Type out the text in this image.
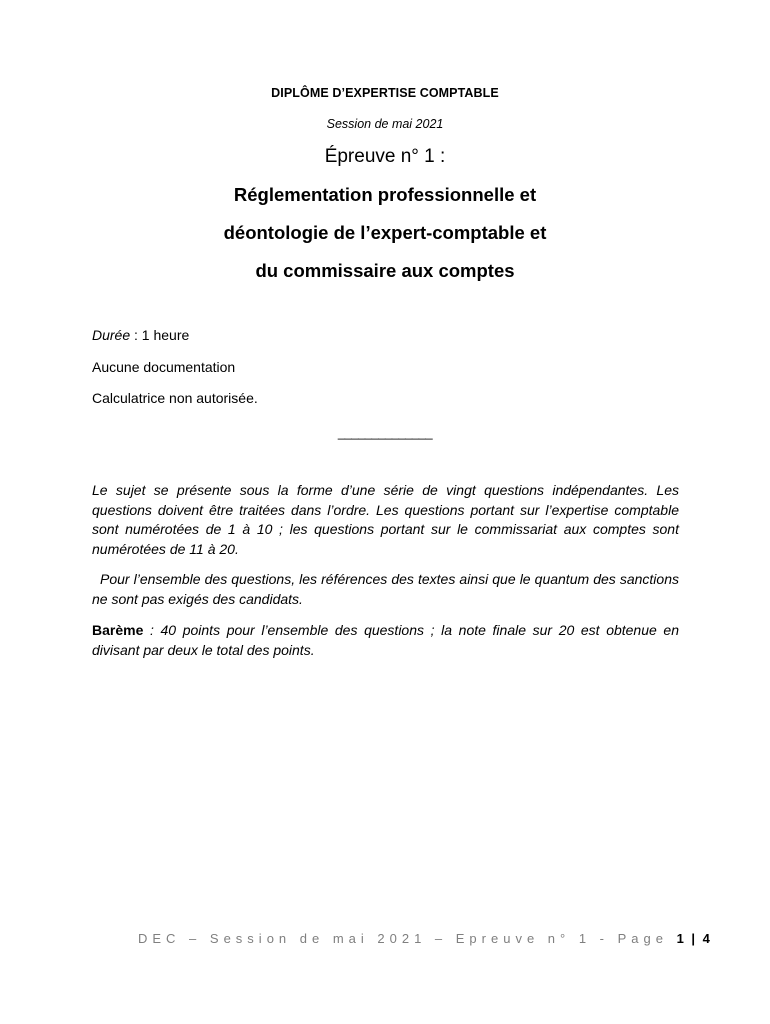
DIPLÔME D’EXPERTISE COMPTABLE
Session de mai 2021
Épreuve n° 1 :
Réglementation professionnelle et
déontologie de l’expert-comptable et
du commissaire aux comptes
Durée : 1 heure
Aucune documentation
Calculatrice non autorisée.
______________
Le sujet se présente sous la forme d’une série de vingt questions indépendantes. Les questions doivent être traitées dans l’ordre. Les questions portant sur l’expertise comptable sont numérotées de 1 à 10 ; les questions portant sur le commissariat aux comptes sont numérotées de 11 à 20.
Pour l’ensemble des questions, les références des textes ainsi que le quantum des sanctions ne sont pas exigés des candidats.
Barème : 40 points pour l’ensemble des questions ; la note finale sur 20 est obtenue en divisant par deux le total des points.
DEC – Session de mai 2021 – Epreuve n° 1 - Page 1 | 4
